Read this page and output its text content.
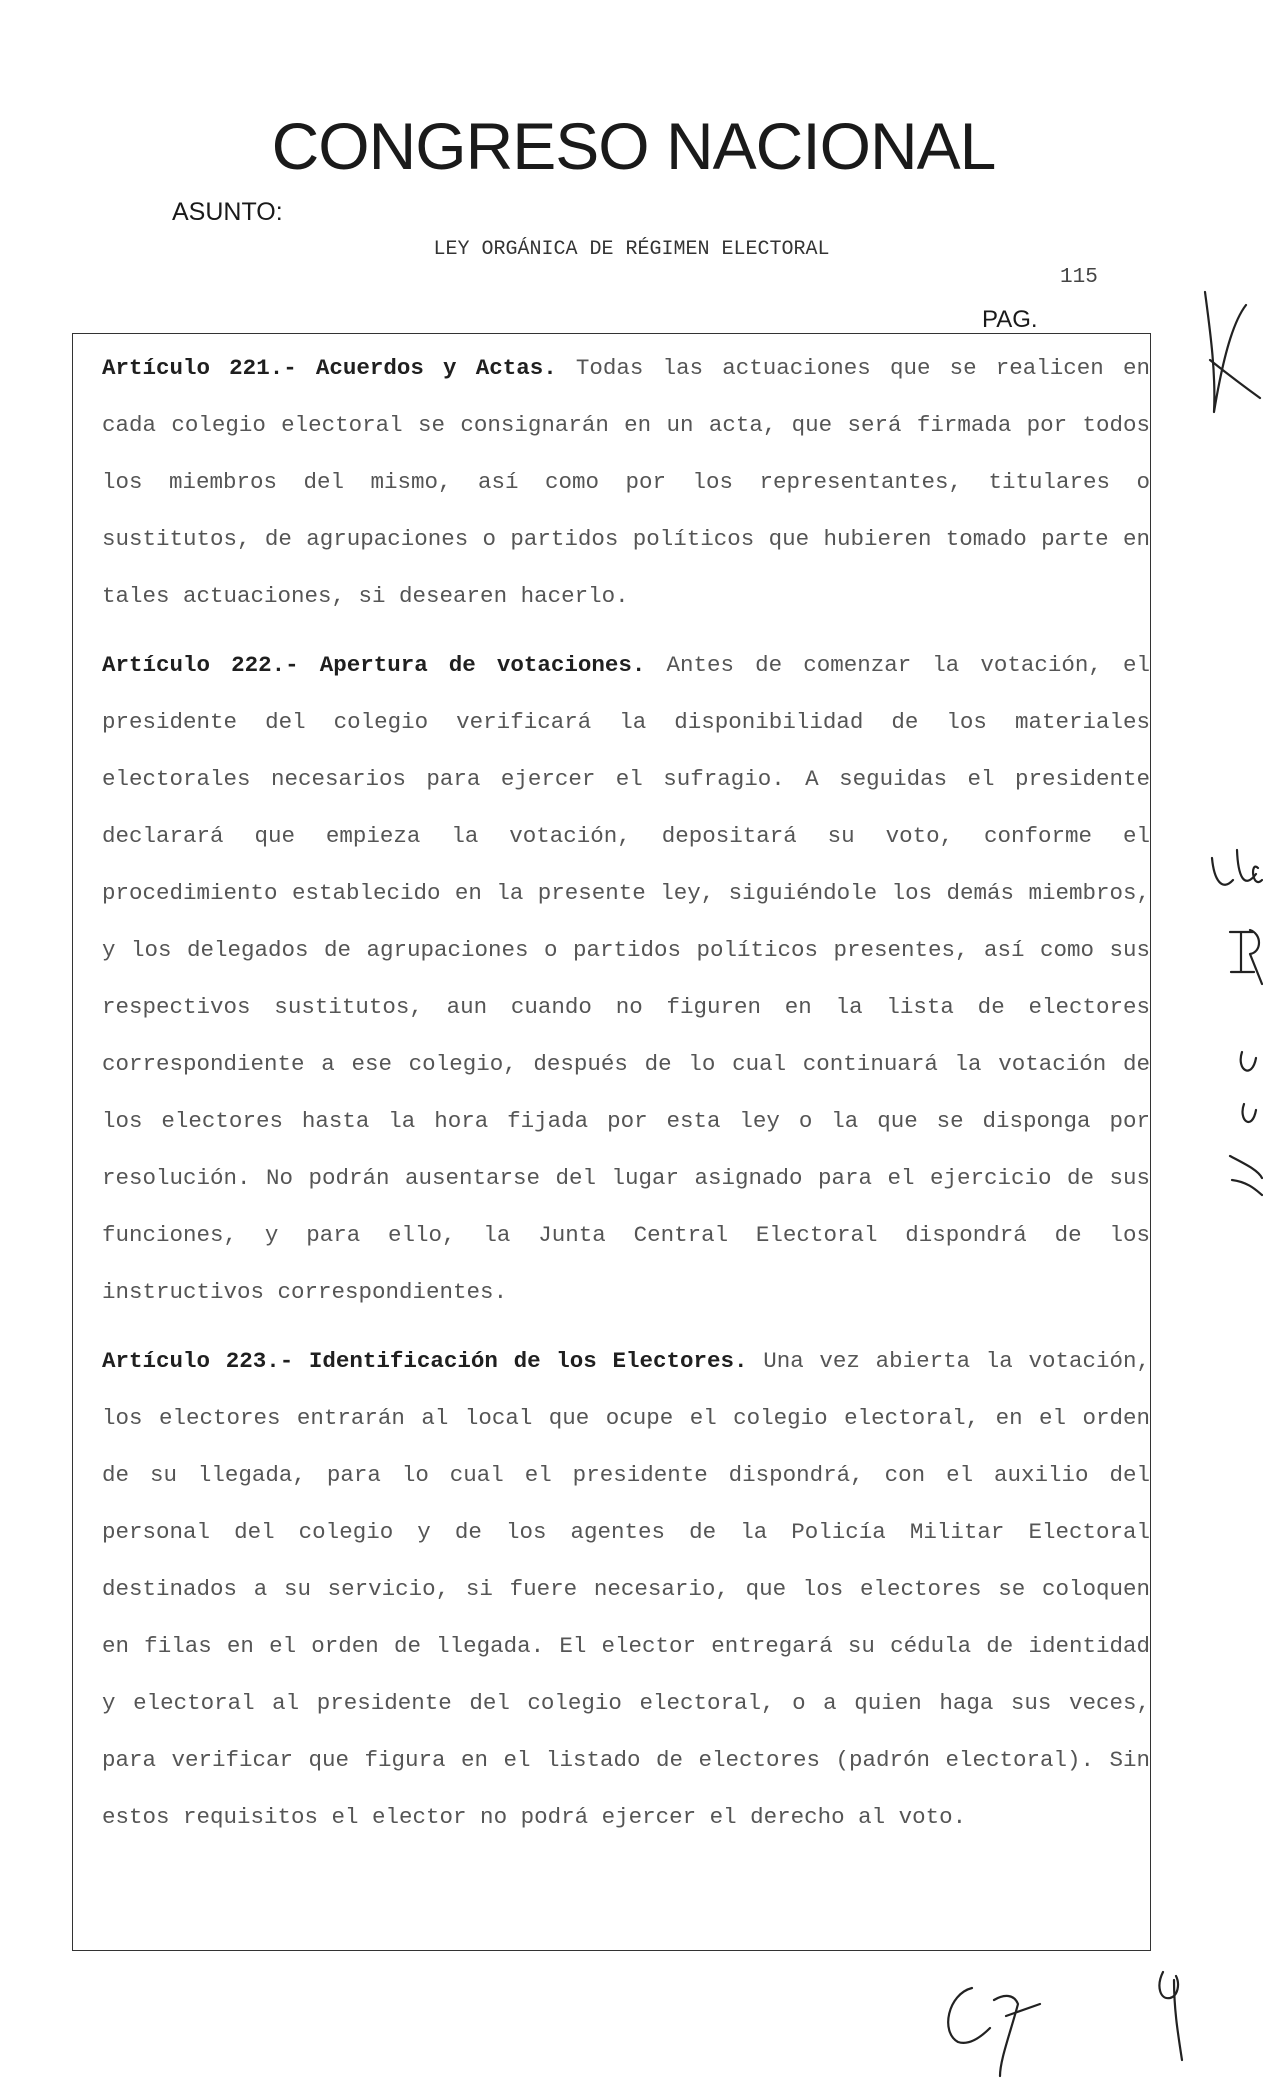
CONGRESO NACIONAL
ASUNTO:
LEY ORGÁNICA DE RÉGIMEN ELECTORAL
115
PAG.

Artículo 221.- Acuerdos y Actas. Todas las actuaciones que se realicen en cada colegio electoral se consignarán en un acta, que será firmada por todos los miembros del mismo, así como por los representantes, titulares o sustitutos, de agrupaciones o partidos políticos que hubieren tomado parte en tales actuaciones, si desearen hacerlo.

Artículo 222.- Apertura de votaciones. Antes de comenzar la votación, el presidente del colegio verificará la disponibilidad de los materiales electorales necesarios para ejercer el sufragio. A seguidas el presidente declarará que empieza la votación, depositará su voto, conforme el procedimiento establecido en la presente ley, siguiéndole los demás miembros, y los delegados de agrupaciones o partidos políticos presentes, así como sus respectivos sustitutos, aun cuando no figuren en la lista de electores correspondiente a ese colegio, después de lo cual continuará la votación de los electores hasta la hora fijada por esta ley o la que se disponga por resolución. No podrán ausentarse del lugar asignado para el ejercicio de sus funciones, y para ello, la Junta Central Electoral dispondrá de los instructivos correspondientes.

Artículo 223.- Identificación de los Electores. Una vez abierta la votación, los electores entrarán al local que ocupe el colegio electoral, en el orden de su llegada, para lo cual el presidente dispondrá, con el auxilio del personal del colegio y de los agentes de la Policía Militar Electoral destinados a su servicio, si fuere necesario, que los electores se coloquen en filas en el orden de llegada. El elector entregará su cédula de identidad y electoral al presidente del colegio electoral, o a quien haga sus veces, para verificar que figura en el listado de electores (padrón electoral). Sin estos requisitos el elector no podrá ejercer el derecho al voto.
